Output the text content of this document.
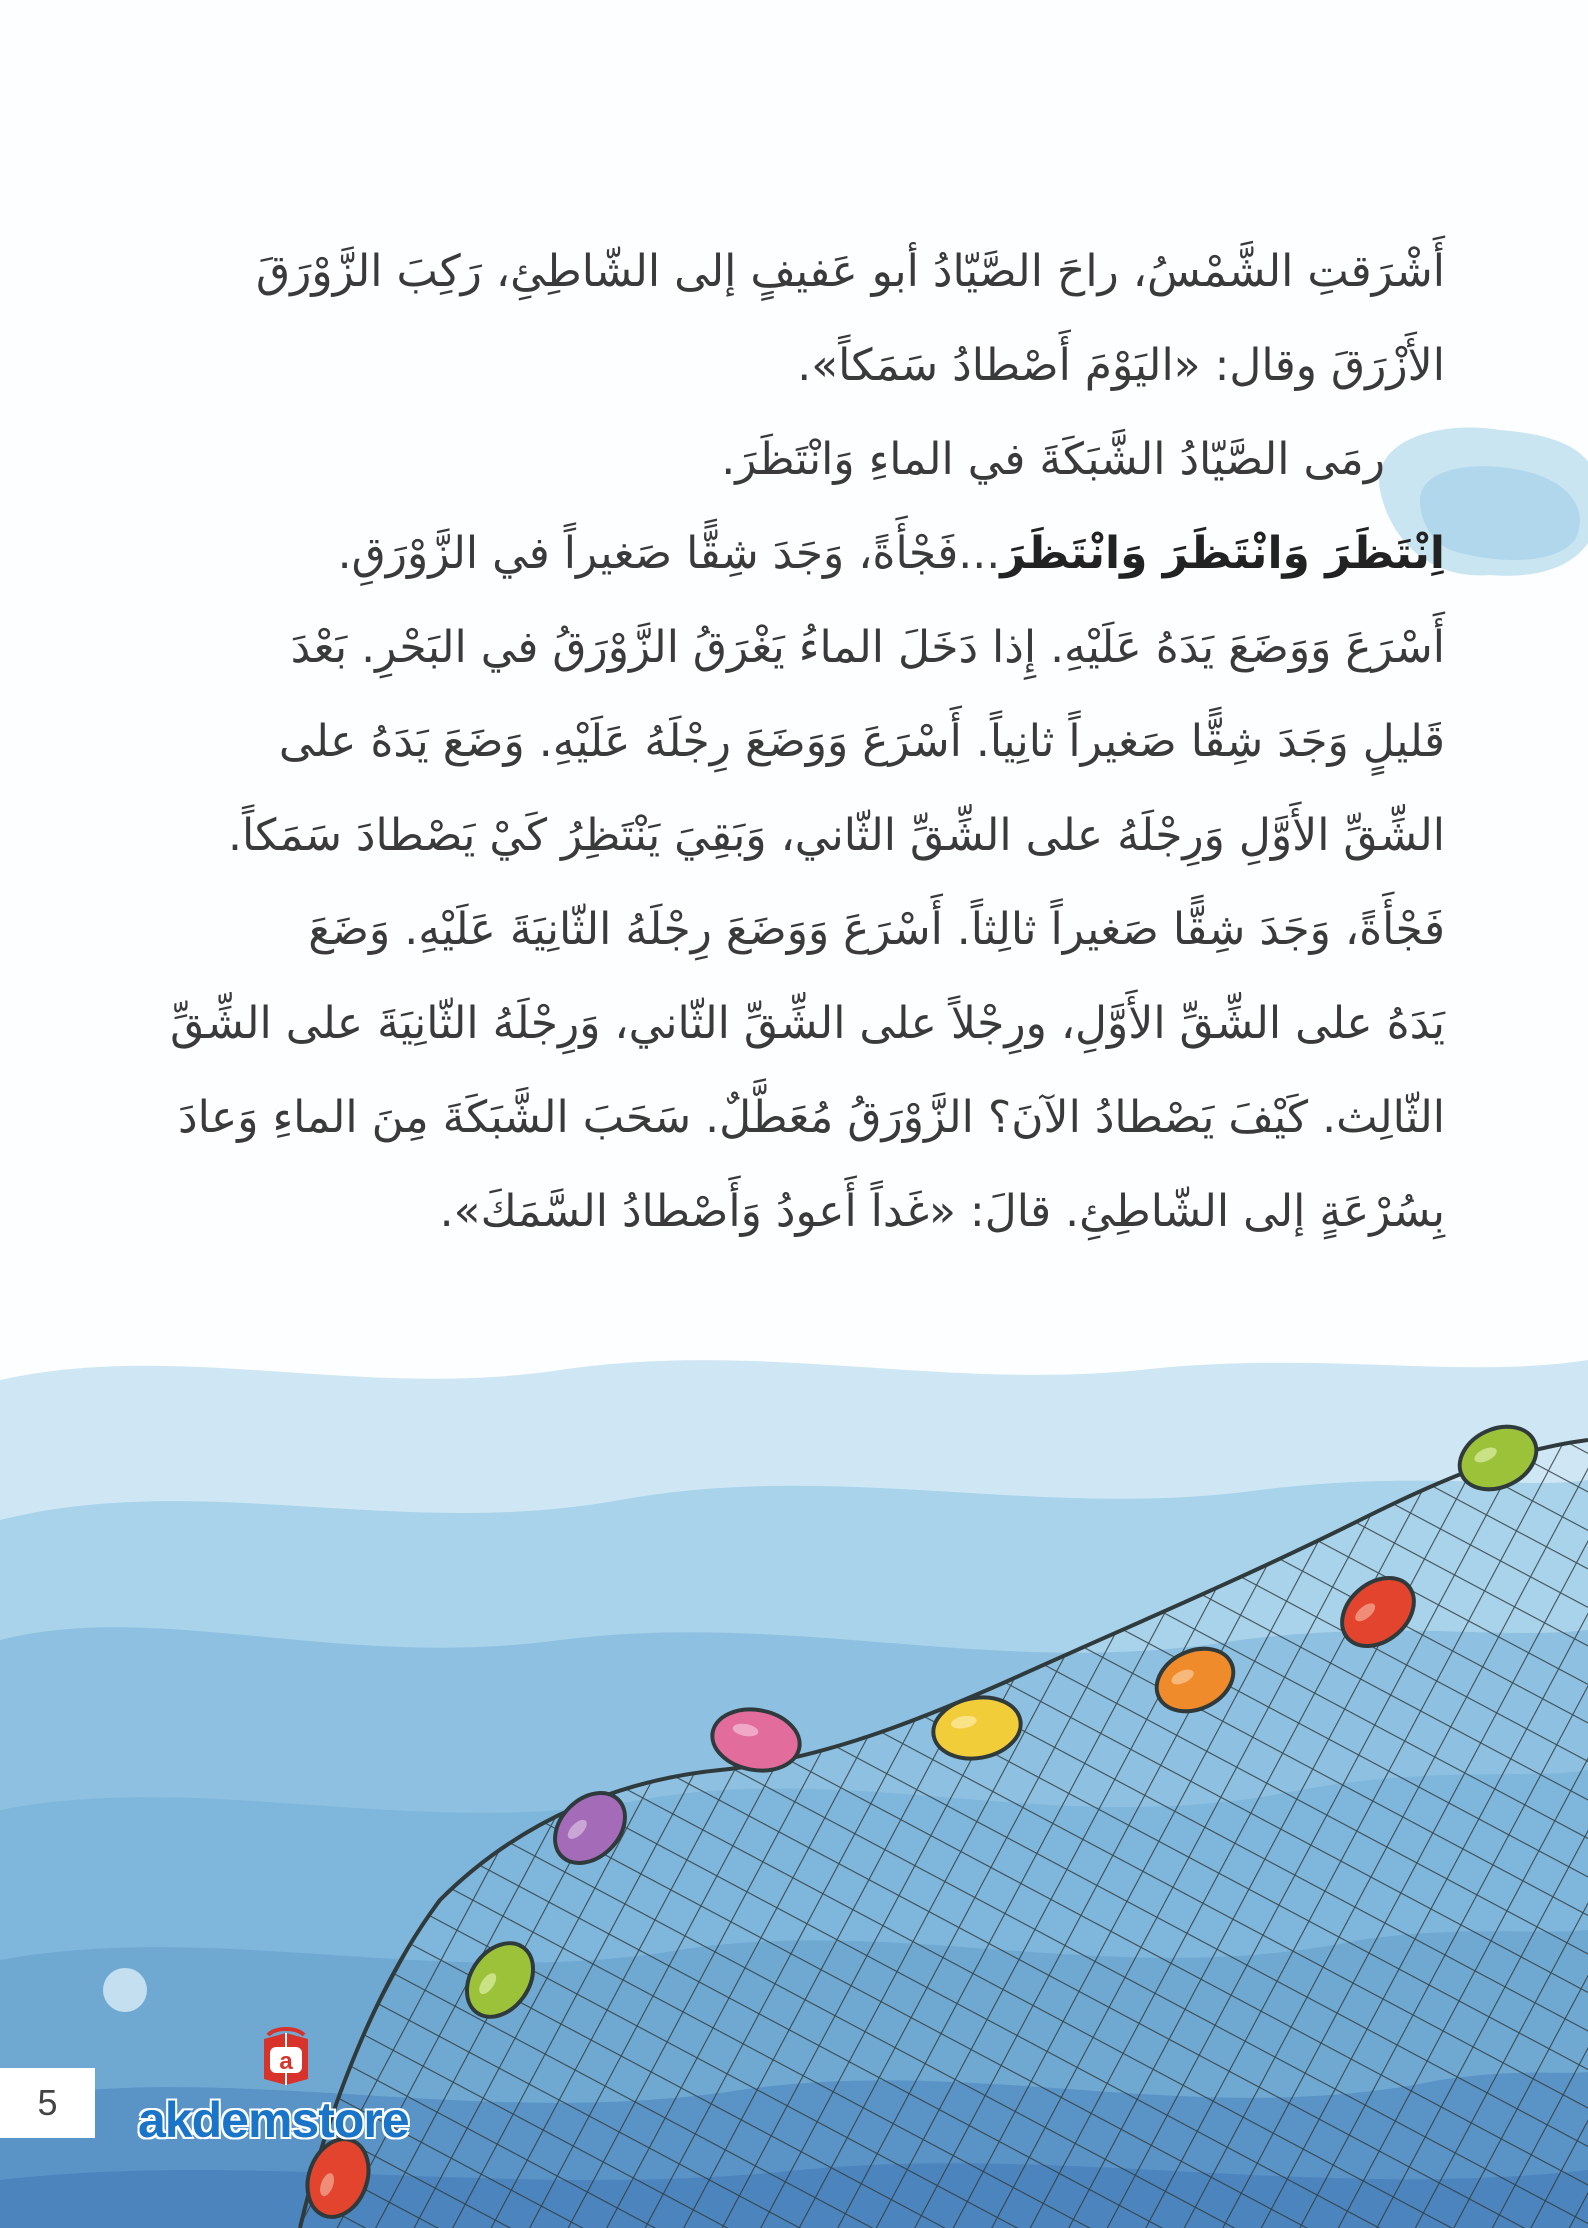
أَشْرَقتِ الشَّمْسُ، راحَ الصَّيّادُ أبو عَفيفٍ إلى الشّاطِئِ، رَكِبَ الزَّوْرَقَ
الأَزْرَقَ وقال: «اليَوْمَ أَصْطادُ سَمَكاً».
رمَى الصَّيّادُ الشَّبَكَةَ في الماءِ وَانْتَظَرَ.
اِنْتَظَرَ وَانْتَظَرَ وَانْتَظَرَ...فَجْأَةً، وَجَدَ شِقًّا صَغيراً في الزَّوْرَقِ.
أَسْرَعَ وَوَضَعَ يَدَهُ عَلَيْهِ. إِذا دَخَلَ الماءُ يَغْرَقُ الزَّوْرَقُ في البَحْرِ. بَعْدَ
قَليلٍ وَجَدَ شِقًّا صَغيراً ثانِياً. أَسْرَعَ وَوَضَعَ رِجْلَهُ عَلَيْهِ. وَضَعَ يَدَهُ على
الشِّقِّ الأَوَّلِ وَرِجْلَهُ على الشِّقِّ الثّاني، وَبَقِيَ يَنْتَظِرُ كَيْ يَصْطادَ سَمَكاً.
فَجْأَةً، وَجَدَ شِقًّا صَغيراً ثالِثاً. أَسْرَعَ وَوَضَعَ رِجْلَهُ الثّانِيَةَ عَلَيْهِ. وَضَعَ
يَدَهُ على الشِّقِّ الأَوَّلِ، ورِجْلاً على الشِّقِّ الثّاني، وَرِجْلَهُ الثّانِيَةَ على الشِّقِّ
الثّالِث. كَيْفَ يَصْطادُ الآنَ؟ الزَّوْرَقُ مُعَطَّلٌ. سَحَبَ الشَّبَكَةَ مِنَ الماءِ وَعادَ
بِسُرْعَةٍ إلى الشّاطِئِ. قالَ: «غَداً أَعودُ وَأَصْطادُ السَّمَكَ».
5
a
akdemstore
